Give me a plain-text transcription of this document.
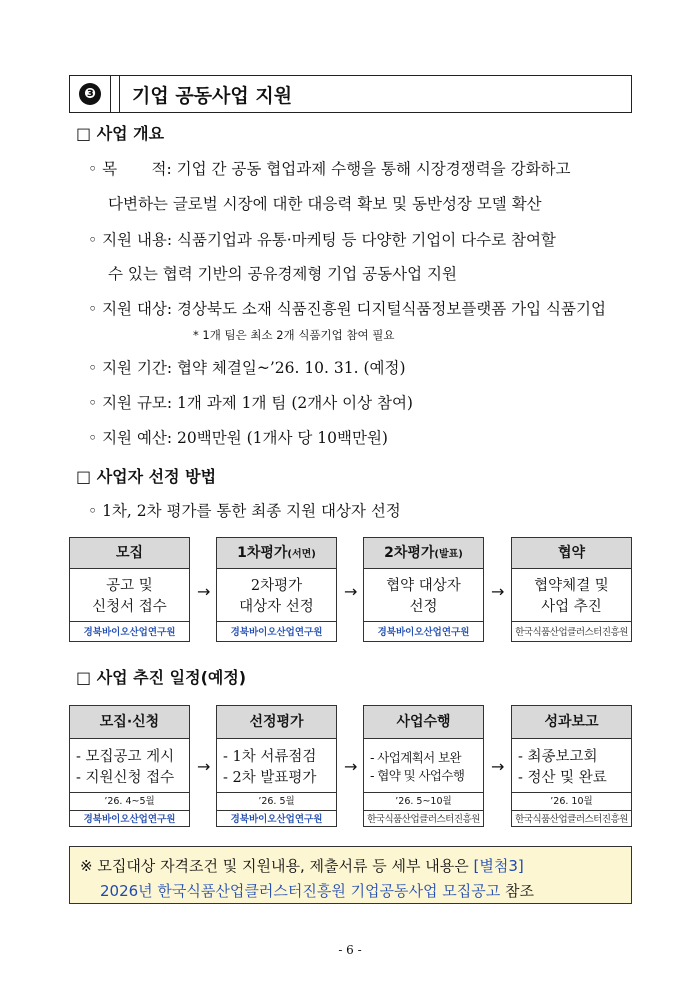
❸	기업 공동사업 지원
□ 사업 개요
◦ 목       적: 기업 간 공동 협업과제 수행을 통해 시장경쟁력을 강화하고
다변하는 글로벌 시장에 대한 대응력 확보 및 동반성장 모델 확산
◦ 지원 내용: 식품기업과 유통·마케팅 등 다양한 기업이 다수로 참여할
수 있는 협력 기반의 공유경제형 기업 공동사업 지원
◦ 지원 대상: 경상북도 소재 식품진흥원 디지털식품정보플랫폼 가입 식품기업
* 1개 팀은 최소 2개 식품기업 참여 필요
◦ 지원 기간: 협약 체결일~’26. 10. 31. (예정)
◦ 지원 규모: 1개 과제 1개 팀 (2개사 이상 참여)
◦ 지원 예산: 20백만원 (1개사 당 10백만원)
□ 사업자 선정 방법
◦ 1차, 2차 평가를 통한 최종 지원 대상자 선정
모집
공고 및
신청서 접수
경북바이오산업연구원
→
1차평가(서면)
2차평가
대상자 선정
경북바이오산업연구원
→
2차평가(발표)
협약 대상자
선정
경북바이오산업연구원
→
협약
협약체결 및
사업 추진
한국식품산업클러스터진흥원
□ 사업 추진 일정(예정)
모집·신청
- 모집공고 게시
- 지원신청 접수
’26. 4~5월
경북바이오산업연구원
→
선정평가
- 1차 서류점검
- 2차 발표평가
’26. 5월
경북바이오산업연구원
→
사업수행
- 사업계획서 보완
- 협약 및 사업수행
’26. 5~10월
한국식품산업클러스터진흥원
→
성과보고
- 최종보고회
- 정산 및 완료
’26. 10월
한국식품산업클러스터진흥원
※ 모집대상 자격조건 및 지원내용, 제출서류 등 세부 내용은 [별첨3]
2026년 한국식품산업클러스터진흥원 기업공동사업 모집공고 참조
- 6 -
